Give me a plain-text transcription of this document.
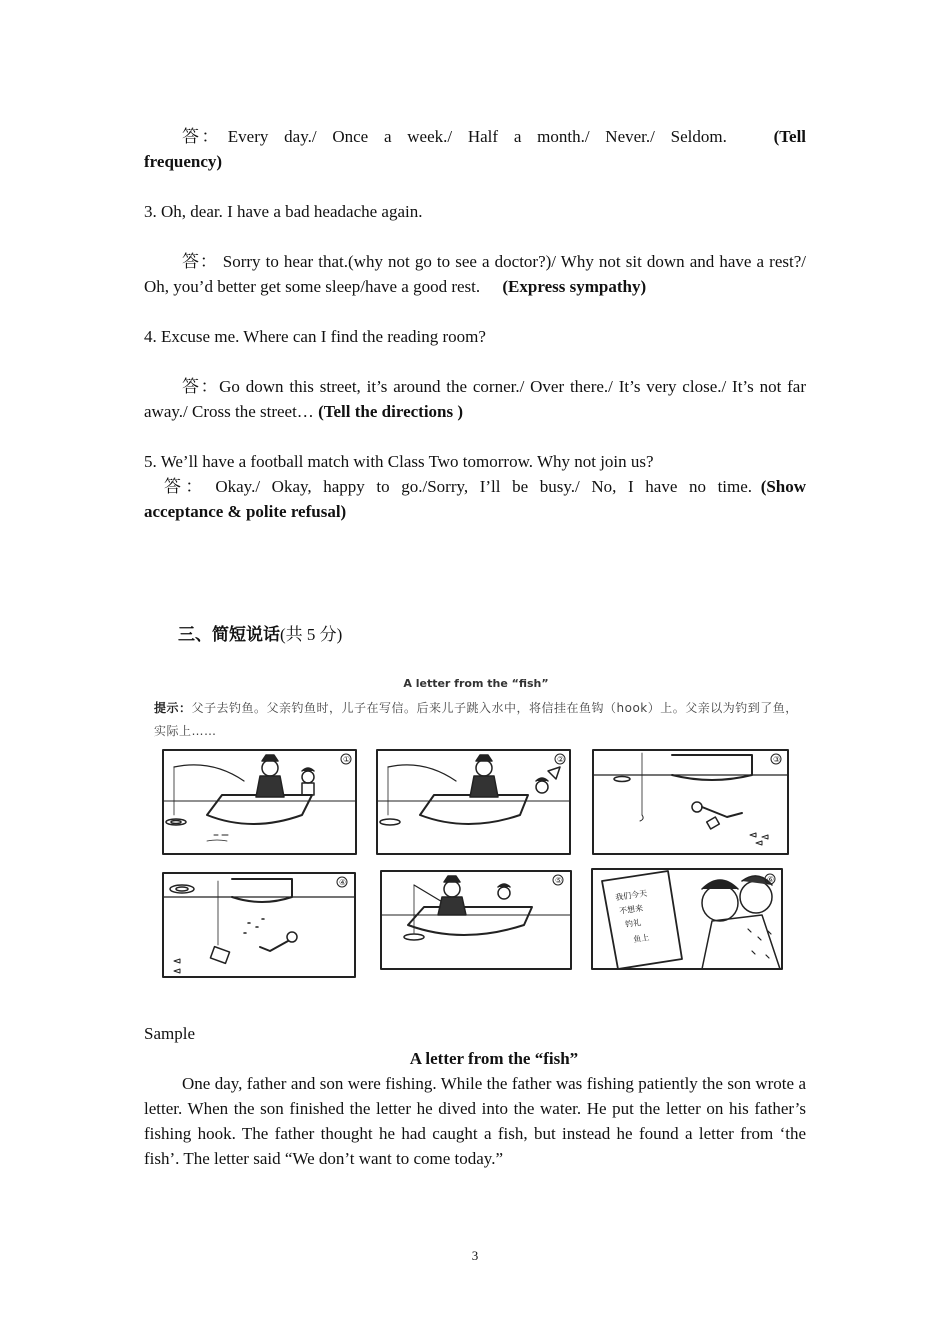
答： Every day./ Once a week./ Half a month./ Never./ Seldom.	(Tell frequency)
3. Oh, dear. I have a bad headache again.
答： Sorry to hear that.(why not go to see a doctor?)/ Why not sit down and have a rest?/ Oh, you’d better get some sleep/have a good rest. (Express sympathy)
4. Excuse me. Where can I find the reading room?
答：Go down this street, it’s around the corner./ Over there./ It’s very close./ It’s not far away./ Cross the street… (Tell the directions )
5. We’ll have a football match with Class Two tomorrow. Why not join us?
答： Okay./ Okay, happy to go./Sorry, I’ll be busy./ No, I have no time. (Show acceptance & polite refusal)
三、简短说话(共 5 分)
A letter from the “fish”
提示：父子去钓鱼。父亲钓鱼时，儿子在写信。后来儿子跳入水中，将信挂在鱼钩（hook）上。父亲以为钓到了鱼，实际上……
①	②	③
④	⑤	⑥
我们今天
不想来
钓礼
鱼上
Sample
A letter from the “fish”
One day, father and son were fishing. While the father was fishing patiently the son wrote a letter. When the son finished the letter he dived into the water. He put the letter on his father’s fishing hook. The father thought he had caught a fish, but instead he found a letter from ‘the fish’. The letter said “We don’t want to come today.”
3
